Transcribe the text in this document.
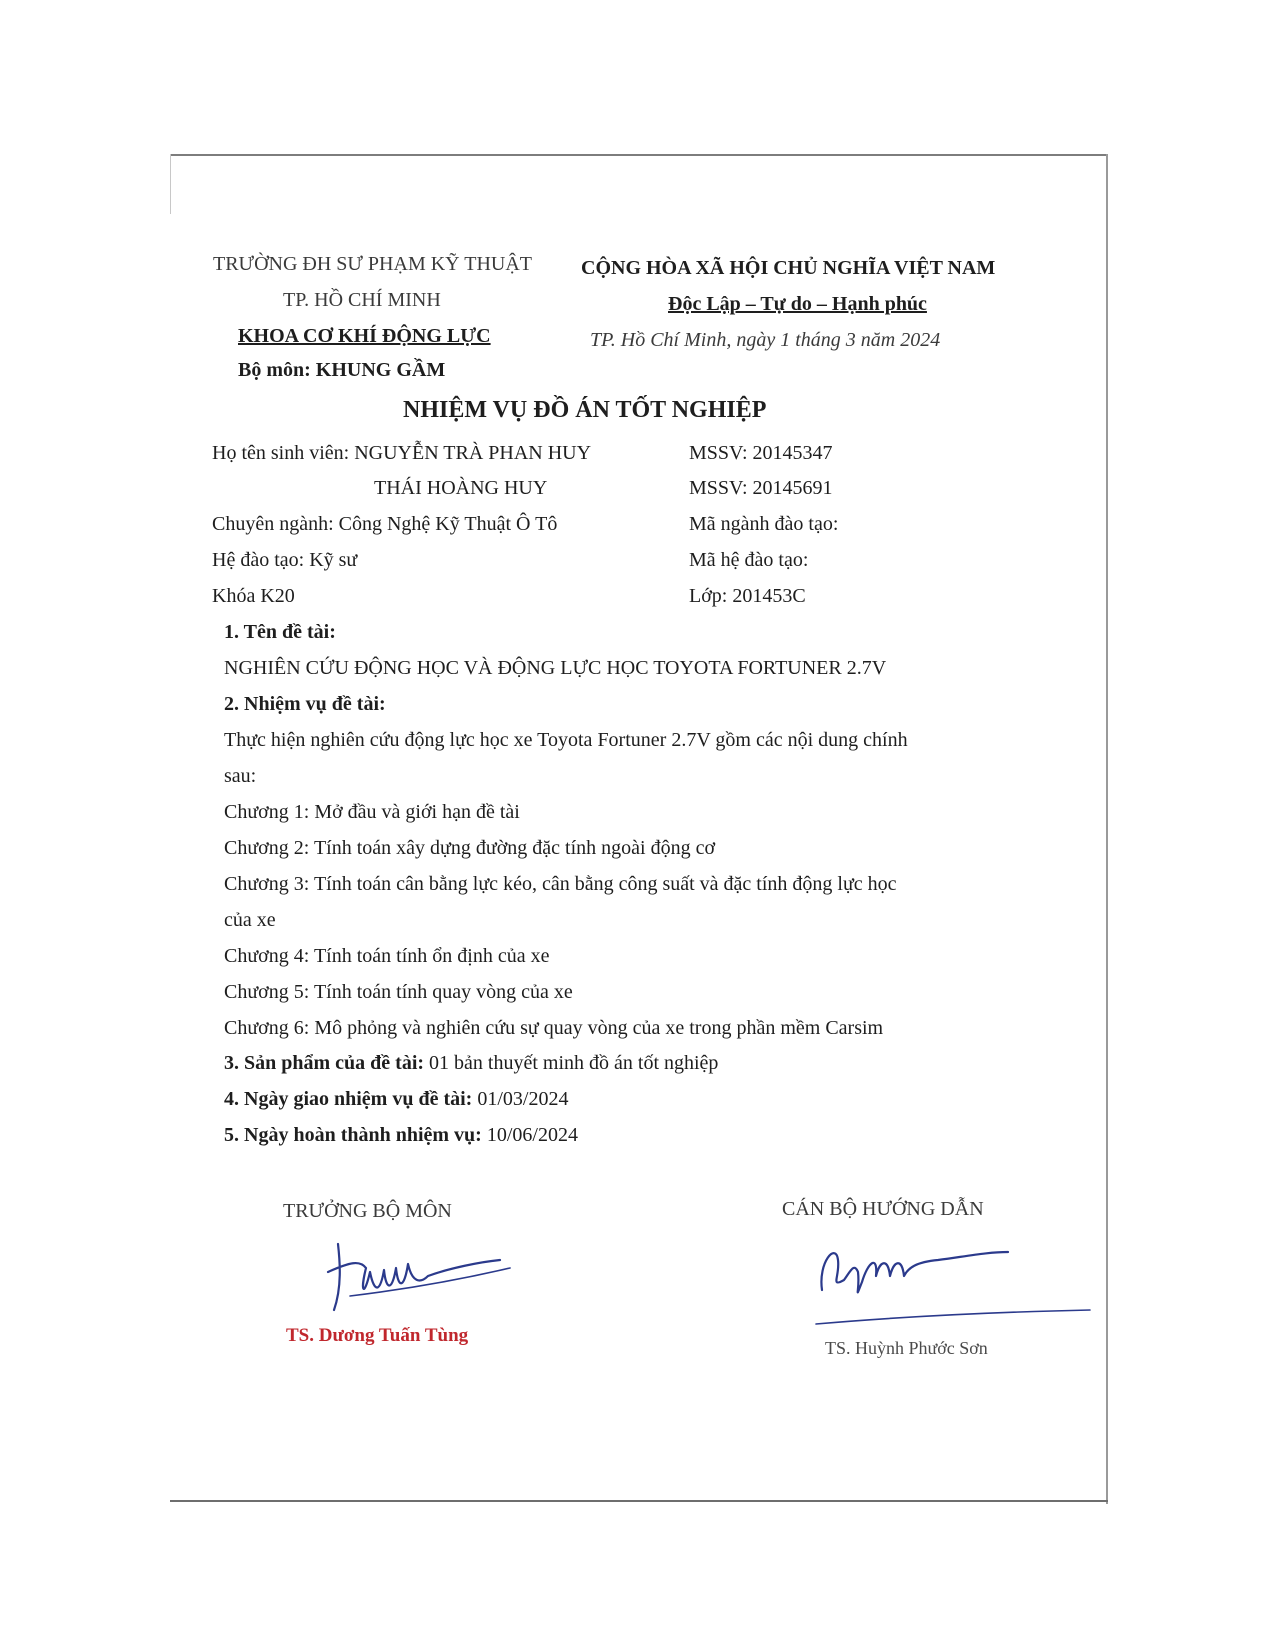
TRƯỜNG ĐH SƯ PHẠM KỸ THUẬT
TP. HỒ CHÍ MINH
KHOA CƠ KHÍ ĐỘNG LỰC
Bộ môn: KHUNG GẦM
CỘNG HÒA XÃ HỘI CHỦ NGHĨA VIỆT NAM
Độc Lập – Tự do – Hạnh phúc
TP. Hồ Chí Minh, ngày 1 tháng 3 năm 2024
NHIỆM VỤ ĐỒ ÁN TỐT NGHIỆP
Họ tên sinh viên: NGUYỄN TRÀ PHAN HUY	MSSV: 20145347
THÁI HOÀNG HUY	MSSV: 20145691
Chuyên ngành: Công Nghệ Kỹ Thuật Ô Tô	Mã ngành đào tạo:
Hệ đào tạo: Kỹ sư	Mã hệ đào tạo:
Khóa K20	Lớp: 201453C
1. Tên đề tài:
NGHIÊN CỨU ĐỘNG HỌC VÀ ĐỘNG LỰC HỌC TOYOTA FORTUNER 2.7V
2. Nhiệm vụ đề tài:
Thực hiện nghiên cứu động lực học xe Toyota Fortuner 2.7V gồm các nội dung chính
sau:
Chương 1: Mở đầu và giới hạn đề tài
Chương 2: Tính toán xây dựng đường đặc tính ngoài động cơ
Chương 3: Tính toán cân bằng lực kéo, cân bằng công suất và đặc tính động lực học
của xe
Chương 4: Tính toán tính ổn định của xe
Chương 5: Tính toán tính quay vòng của xe
Chương 6: Mô phỏng và nghiên cứu sự quay vòng của xe trong phần mềm Carsim
3. Sản phẩm của đề tài: 01 bản thuyết minh đồ án tốt nghiệp
4. Ngày giao nhiệm vụ đề tài: 01/03/2024
5. Ngày hoàn thành nhiệm vụ: 10/06/2024
TRƯỞNG BỘ MÔN	CÁN BỘ HƯỚNG DẪN
TS. Dương Tuấn Tùng
TS. Huỳnh Phước Sơn
